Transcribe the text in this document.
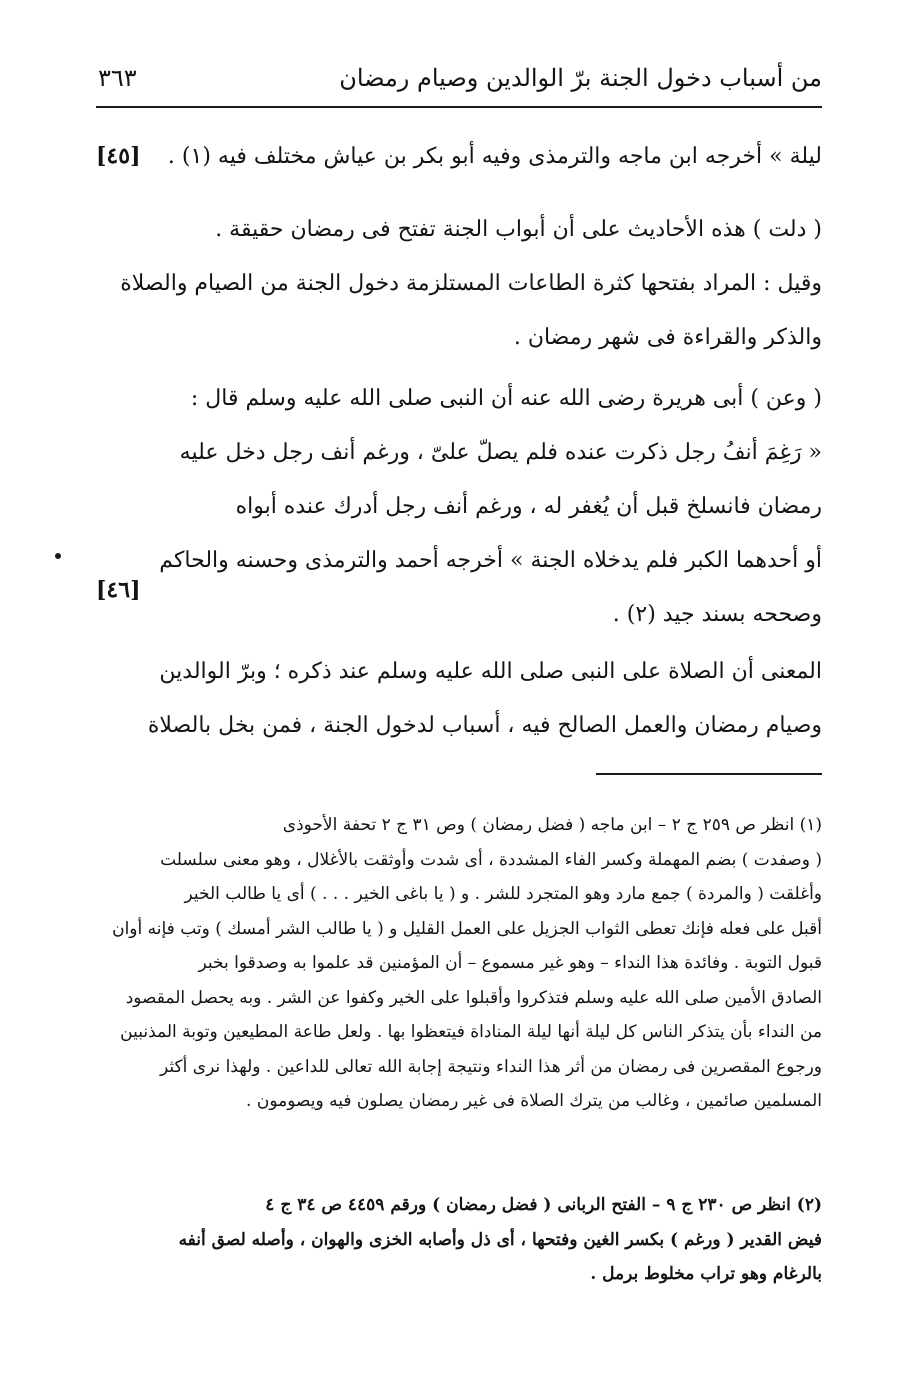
من أسباب دخول الجنة برّ الوالدين وصيام رمضان
٣٦٣
ليلة » أخرجه ابن ماجه والترمذى وفيه أبو بكر بن عياش مختلف فيه (١) .
[٤٥]
( دلت ) هذه الأحاديث على أن أبواب الجنة تفتح فى رمضان حقيقة .
وقيل : المراد بفتحها كثرة الطاعات المستلزمة دخول الجنة من الصيام والصلاة
والذكر والقراءة فى شهر رمضان .
( وعن ) أبى هريرة رضى الله عنه أن النبى صلى الله عليه وسلم قال :
« رَغِمَ أنفُ رجل ذكرت عنده فلم يصلّ علىّ ، ورغم أنف رجل دخل عليه
رمضان فانسلخ قبل أن يُغفر له ، ورغم أنف رجل أدرك عنده أبواه
أو أحدهما الكبر فلم يدخلاه الجنة » أخرجه أحمد والترمذى وحسنه والحاكم
وصححه بسند جيد (٢) .
[٤٦]
المعنى أن الصلاة على النبى صلى الله عليه وسلم عند ذكره ؛ وبرّ الوالدين
وصيام رمضان والعمل الصالح فيه ، أسباب لدخول الجنة ، فمن بخل بالصلاة
(١) انظر ص ٢٥٩ ج ٢ – ابن ماجه ( فضل رمضان ) وص ٣١ ج ٢ تحفة الأحوذى
( وصفدت ) بضم المهملة وكسر الفاء المشددة ، أى شدت وأوثقت بالأغلال ، وهو معنى سلسلت
وأغلقت ( والمردة ) جمع مارد وهو المتجرد للشر . و ( يا باغى الخير . . . ) أى يا طالب الخير
أقبل على فعله فإنك تعطى الثواب الجزيل على العمل القليل و ( يا طالب الشر أمسك ) وتب فإنه أوان
قبول التوبة . وفائدة هذا النداء – وهو غير مسموع – أن المؤمنين قد علموا به وصدقوا بخبر
الصادق الأمين صلى الله عليه وسلم فتذكروا وأقبلوا على الخير وكفوا عن الشر . وبه يحصل المقصود
من النداء بأن يتذكر الناس كل ليلة أنها ليلة المناداة فيتعظوا بها . ولعل طاعة المطيعين وتوبة المذنبين
ورجوع المقصرين فى رمضان من أثر هذا النداء ونتيجة إجابة الله تعالى للداعين . ولهذا نرى أكثر
المسلمين صائمين ، وغالب من يترك الصلاة فى غير رمضان يصلون فيه ويصومون .
(٢) انظر ص ٢٣٠ ج ٩ – الفتح الربانى ( فضل رمضان ) ورقم ٤٤٥٩ ص ٣٤ ج ٤
فيض القدير ( ورغم ) بكسر الغين وفتحها ، أى ذل وأصابه الخزى والهوان ، وأصله لصق أنفه
بالرغام وهو تراب مخلوط برمل .
